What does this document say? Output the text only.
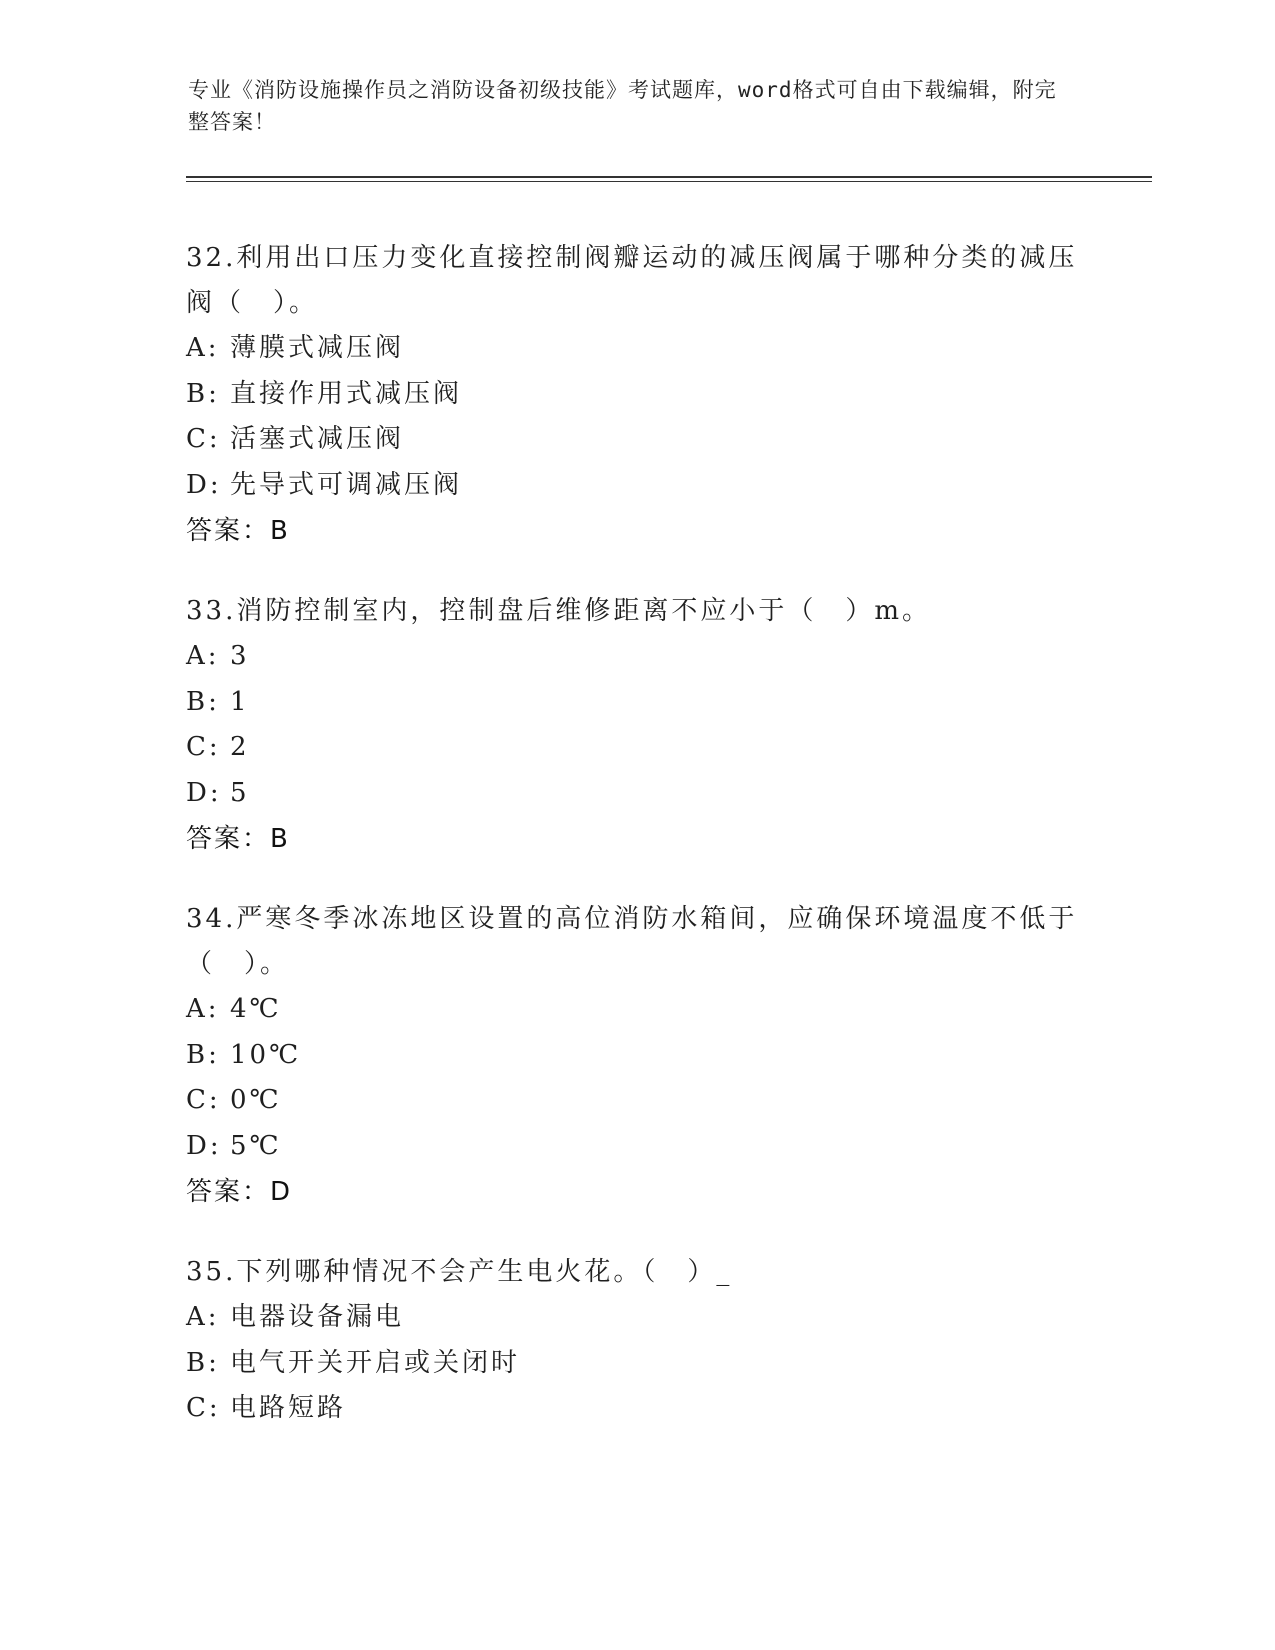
专业《消防设施操作员之消防设备初级技能》考试题库，word格式可自由下载编辑，附完整答案！
32.利用出口压力变化直接控制阀瓣运动的减压阀属于哪种分类的减压阀（　）。
A: 薄膜式减压阀
B: 直接作用式减压阀
C: 活塞式减压阀
D: 先导式可调减压阀
答案：B
33.消防控制室内，控制盘后维修距离不应小于（　）m。
A: 3
B: 1
C: 2
D: 5
答案：B
34.严寒冬季冰冻地区设置的高位消防水箱间，应确保环境温度不低于（　）。
A: 4℃
B: 10℃
C: 0℃
D: 5℃
答案：D
35.下列哪种情况不会产生电火花。（　）_
A: 电器设备漏电
B: 电气开关开启或关闭时
C: 电路短路
